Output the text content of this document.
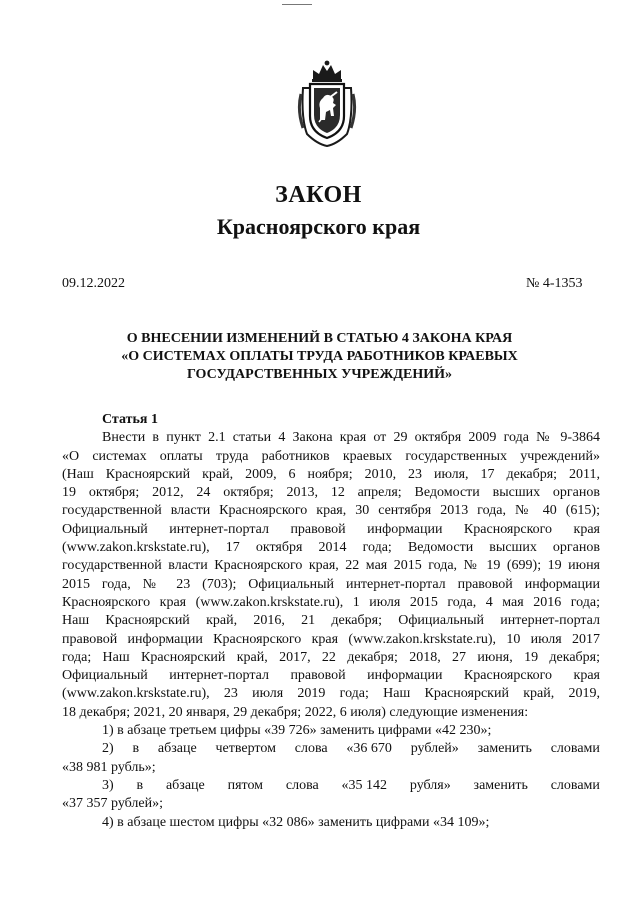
ЗАКОН
Красноярского края
09.12.2022	№ 4-1353
О ВНЕСЕНИИ ИЗМЕНЕНИЙ В СТАТЬЮ 4 ЗАКОНА КРАЯ
«О СИСТЕМАХ ОПЛАТЫ ТРУДА РАБОТНИКОВ КРАЕВЫХ
ГОСУДАРСТВЕННЫХ УЧРЕЖДЕНИЙ»
Статья 1
Внести в пункт 2.1 статьи 4 Закона края от 29 октября 2009 года № 9-3864
«О системах оплаты труда работников краевых государственных учреждений»
(Наш Красноярский край, 2009, 6 ноября; 2010, 23 июля, 17 декабря; 2011,
19 октября; 2012, 24 октября; 2013, 12 апреля; Ведомости высших органов
государственной власти Красноярского края, 30 сентября 2013 года, № 40 (615);
Официальный интернет-портал правовой информации Красноярского края
(www.zakon.krskstate.ru), 17 октября 2014 года; Ведомости высших органов
государственной власти Красноярского края, 22 мая 2015 года, № 19 (699); 19 июня
2015 года, № 23 (703); Официальный интернет-портал правовой информации
Красноярского края (www.zakon.krskstate.ru), 1 июля 2015 года, 4 мая 2016 года;
Наш Красноярский край, 2016, 21 декабря; Официальный интернет-портал
правовой информации Красноярского края (www.zakon.krskstate.ru), 10 июля 2017
года; Наш Красноярский край, 2017, 22 декабря; 2018, 27 июня, 19 декабря;
Официальный интернет-портал правовой информации Красноярского края
(www.zakon.krskstate.ru), 23 июля 2019 года; Наш Красноярский край, 2019,
18 декабря; 2021, 20 января, 29 декабря; 2022, 6 июля) следующие изменения:
1) в абзаце третьем цифры «39 726» заменить цифрами «42 230»;
2) в абзаце четвертом слова «36 670 рублей» заменить словами
«38 981 рубль»;
3) в абзаце пятом слова «35 142 рубля» заменить словами
«37 357 рублей»;
4) в абзаце шестом цифры «32 086» заменить цифрами «34 109»;
